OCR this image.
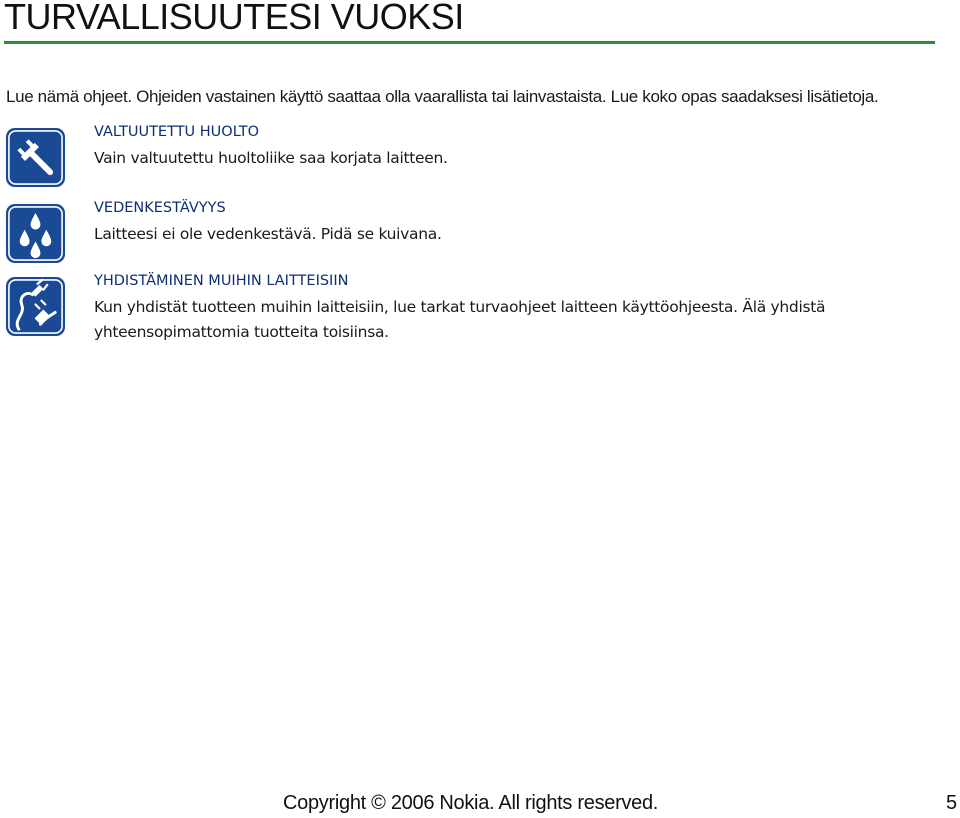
TURVALLISUUTESI VUOKSI

Lue nämä ohjeet. Ohjeiden vastainen käyttö saattaa olla vaarallista tai lainvastaista. Lue koko opas saadaksesi lisätietoja.

VALTUUTETTU HUOLTO

Vain valtuutettu huoltoliike saa korjata laitteen.

VEDENKESTÄVYYS

Laitteesi ei ole vedenkestävä. Pidä se kuivana.

YHDISTÄMINEN MUIHIN LAITTEISIIN

Kun yhdistät tuotteen muihin laitteisiin, lue tarkat turvaohjeet laitteen käyttöohjeesta. Älä yhdistä yhteensopimattomia tuotteita toisiinsa.

Copyright © 2006 Nokia. All rights reserved.	5
